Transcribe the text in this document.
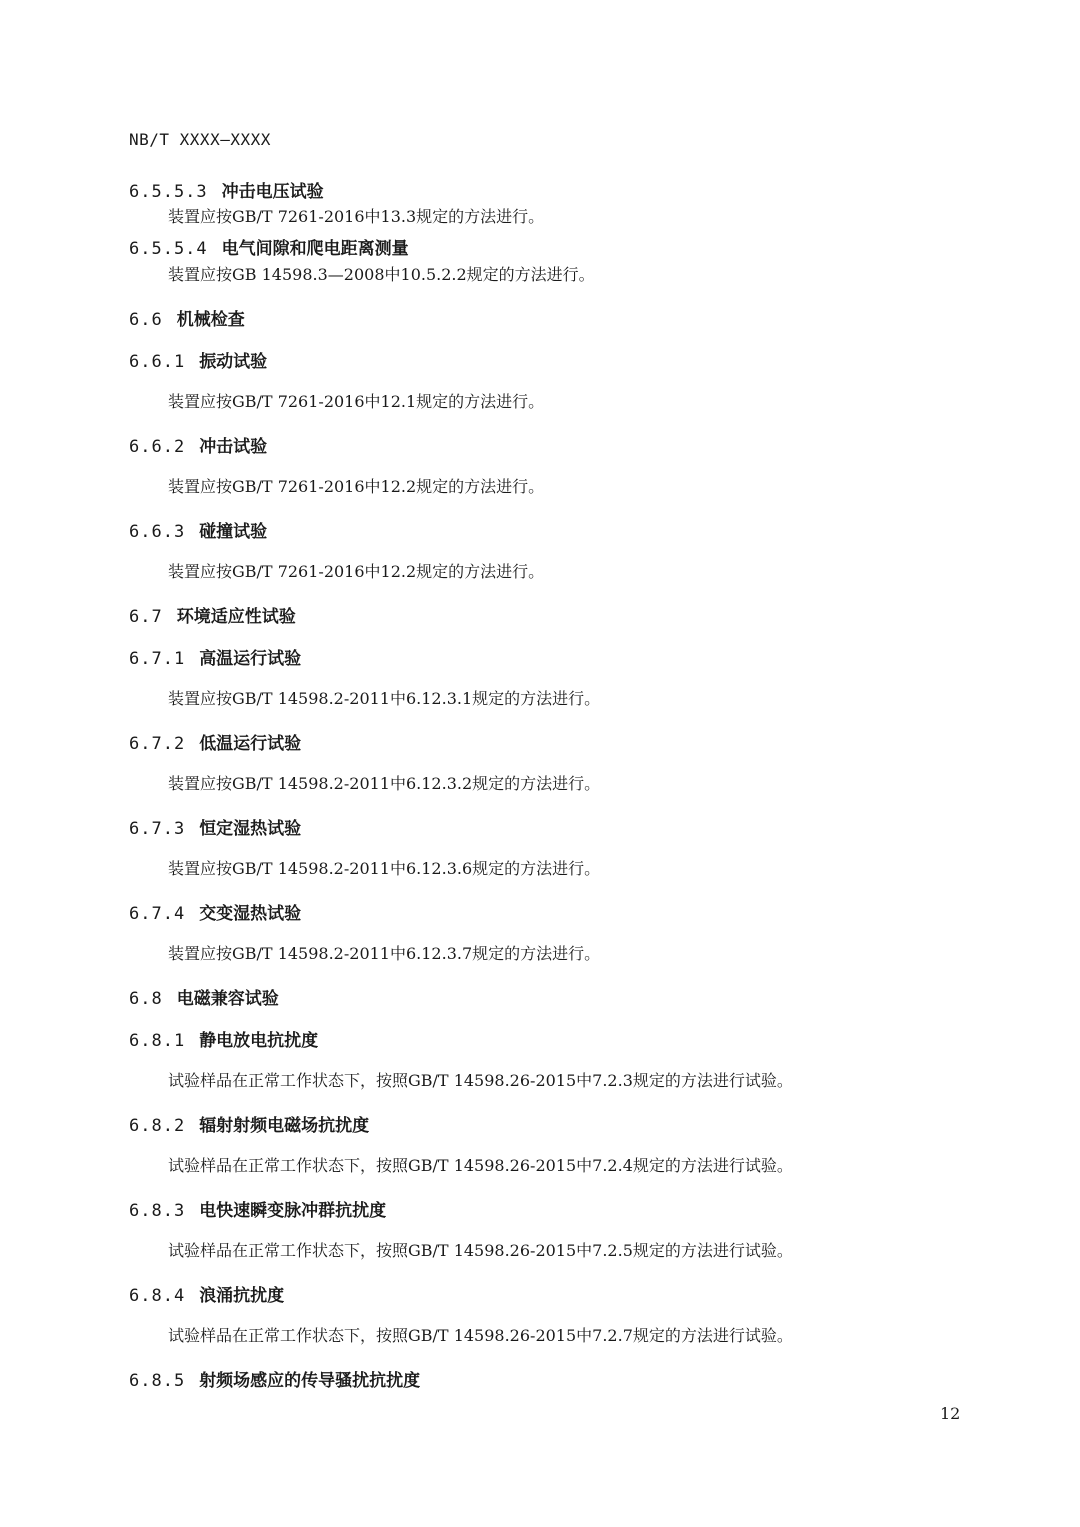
NB/T XXXX—XXXX
6.5.5.3 冲击电压试验
装置应按GB/T 7261-2016中13.3规定的方法进行。
6.5.5.4 电气间隙和爬电距离测量
装置应按GB 14598.3—2008中10.5.2.2规定的方法进行。
6.6 机械检查
6.6.1 振动试验
装置应按GB/T 7261-2016中12.1规定的方法进行。
6.6.2 冲击试验
装置应按GB/T 7261-2016中12.2规定的方法进行。
6.6.3 碰撞试验
装置应按GB/T 7261-2016中12.2规定的方法进行。
6.7 环境适应性试验
6.7.1 高温运行试验
装置应按GB/T 14598.2-2011中6.12.3.1规定的方法进行。
6.7.2 低温运行试验
装置应按GB/T 14598.2-2011中6.12.3.2规定的方法进行。
6.7.3 恒定湿热试验
装置应按GB/T 14598.2-2011中6.12.3.6规定的方法进行。
6.7.4 交变湿热试验
装置应按GB/T 14598.2-2011中6.12.3.7规定的方法进行。
6.8 电磁兼容试验
6.8.1 静电放电抗扰度
试验样品在正常工作状态下，按照GB/T 14598.26-2015中7.2.3规定的方法进行试验。
6.8.2 辐射射频电磁场抗扰度
试验样品在正常工作状态下，按照GB/T 14598.26-2015中7.2.4规定的方法进行试验。
6.8.3 电快速瞬变脉冲群抗扰度
试验样品在正常工作状态下，按照GB/T 14598.26-2015中7.2.5规定的方法进行试验。
6.8.4 浪涌抗扰度
试验样品在正常工作状态下，按照GB/T 14598.26-2015中7.2.7规定的方法进行试验。
6.8.5 射频场感应的传导骚扰抗扰度
12
